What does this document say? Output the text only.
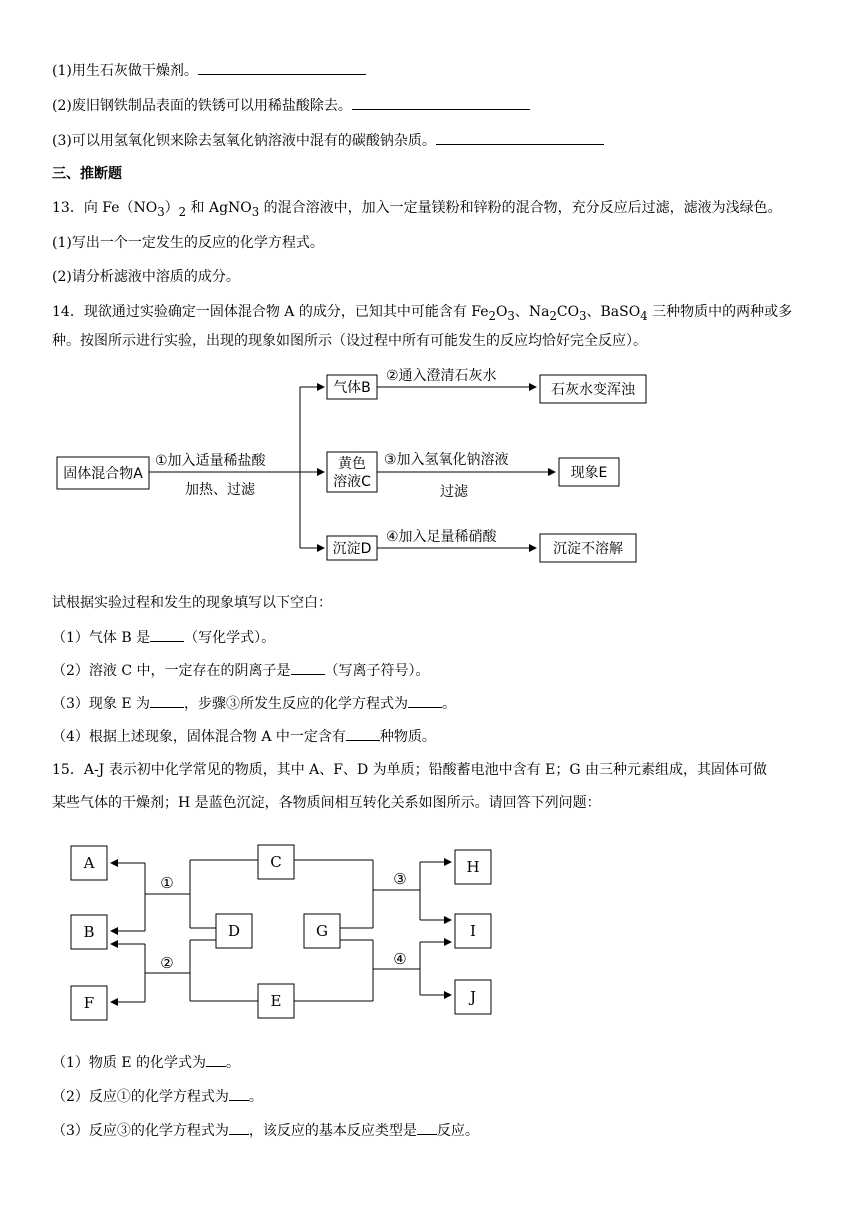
(1)用生石灰做干燥剂。
(2)废旧钢铁制品表面的铁锈可以用稀盐酸除去。
(3)可以用氢氧化钡来除去氢氧化钠溶液中混有的碳酸钠杂质。
三、推断题
13．向 $Fe(NO_3)_2$ 和 AgNO$_3$ 的混合溶液中，加入一定量镁粉和锌粉的混合物，充分反应后过滤，滤液为浅绿色。
(1)写出一个一定发生的反应的化学方程式。
(2)请分析滤液中溶质的成分。
14．现欲通过实验确定一固体混合物 A 的成分，已知其中可能含有 $Fe_2O_3$、$Na_2CO_3$、BaSO$_4$ 三种物质中的两种或多
种。按图所示进行实验，出现的现象如图所示（设过程中所有可能发生的反应均恰好完全反应）。
固体混合物A
①加入适量稀盐酸
加热、过滤
气体B
②通入澄清石灰水
石灰水变浑浊
黄色
溶液C
③加入氢氧化钠溶液
过滤
现象E
沉淀D
④加入足量稀硝酸
沉淀不溶解
试根据实验过程和发生的现象填写以下空白：
（1）气体 B 是 （写化学式）。
（2）溶液 C 中，一定存在的阴离子是 （写离子符号）。
（3）现象 E 为 ，步骤③所发生反应的化学方程式为 。
（4）根据上述现象，固体混合物 A 中一定含有 种物质。
15．A-J 表示初中化学常见的物质，其中 A、F、D 为单质；铅酸蓄电池中含有 E；G 由三种元素组成，其固体可做
某些气体的干燥剂；H 是蓝色沉淀，各物质间相互转化关系如图所示。请回答下列问题：
A
B
F
①
②
C
D
E
G
③
④
H
I
J
（1）物质 E 的化学式为 。
（2）反应①的化学方程式为 。
（3）反应③的化学方程式为 ，该反应的基本反应类型是 反应。
